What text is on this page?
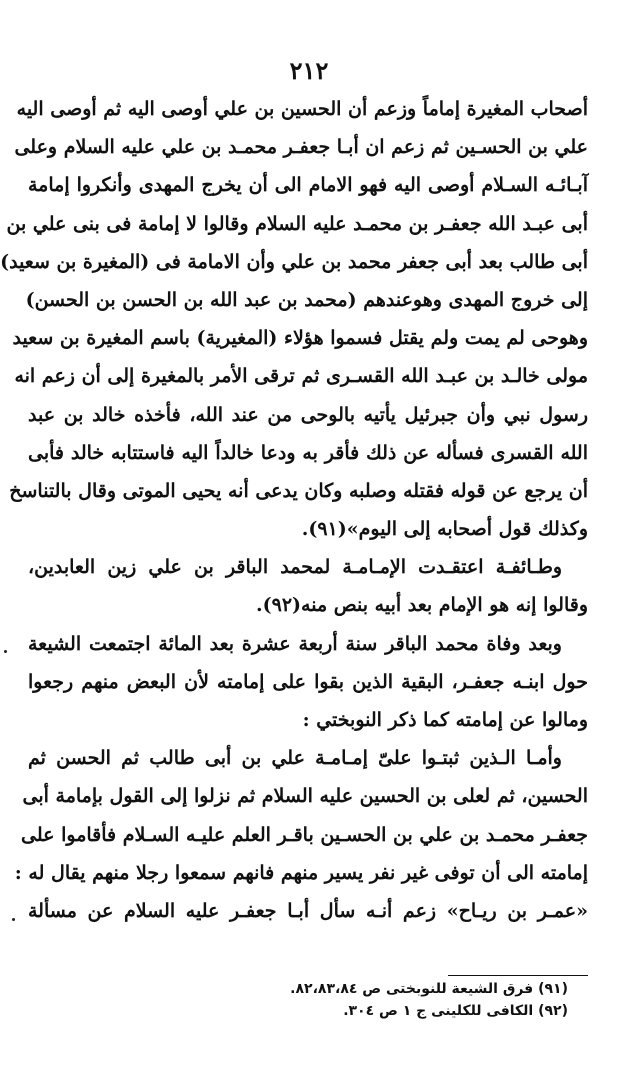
٢١٢
أصحاب المغيرة إماماً وزعم أن الحسين بن علي أوصى اليه ثم أوصى اليه
علي بن الحسـين ثم زعم ان أبـا جعفـر محمـد بن علي عليه السلام وعلى
آبـائـه السـلام أوصى اليه فهو الامام الى أن يخرج المهدى وأنكروا إمامة
أبى عبـد الله جعفـر بن محمـد عليه السلام وقالوا لا إمامة فى بنى علي بن
أبى طالب بعد أبى جعفر محمد بن علي وأن الامامة فى (المغيرة بن سعيد)
إلى خروج المهدى وهوعندهم (محمد بن عبد الله بن الحسن بن الحسن)
وهوحى لم يمت ولم يقتل فسموا هؤلاء (المغيرية) باسم المغيرة بن سعيد
مولى خالـد بن عبـد الله القسـرى ثم ترقى الأمر بالمغيرة إلى أن زعم انه
رسول نبي وأن جبرئيل يأتيه بالوحى من عند الله، فأخذه خالد بن عبد
الله القسرى فسأله عن ذلك فأقر به ودعا خالداً اليه فاستتابه خالد فأبى
أن يرجع عن قوله فقتله وصلبه وكان يدعى أنه يحيى الموتى وقال بالتناسخ
وكذلك قول أصحابه إلى اليوم»(٩١).
وطـائفـة اعتقـدت الإمـامـة لمحمد الباقر بن علي زين العابدين،
وقالوا إنه هو الإمام بعد أبيه بنص منه(٩٢).
وبعد وفاة محمد الباقر سنة أربعة عشرة بعد المائة اجتمعت الشيعة
حول ابنـه جعفـر، البقية الذين بقوا على إمامته لأن البعض منهم رجعوا
ومالوا عن إمامته كما ذكر النوبختي :
وأمـا الـذين ثبتـوا علىّ إمـامـة علي بن أبى طالب ثم الحسن ثم
الحسين، ثم لعلى بن الحسين عليه السلام ثم نزلوا إلى القول بإمامة أبى
جعفـر محمـد بن علي بن الحسـين باقـر العلم عليـه السـلام فأقاموا على
إمامته الى أن توفى غير نفر يسير منهم فانهم سمعوا رجلا منهم يقال له :
«عمـر بن ريـاح» زعم أنـه سأل أبـا جعفـر عليه السلام عن مسألة
(٩١) فرق الشيعة للنوبختى ص ٨٢،٨٣،٨٤.
(٩٢) الكافى للكلينى ج ١ ص ٣٠٤.
